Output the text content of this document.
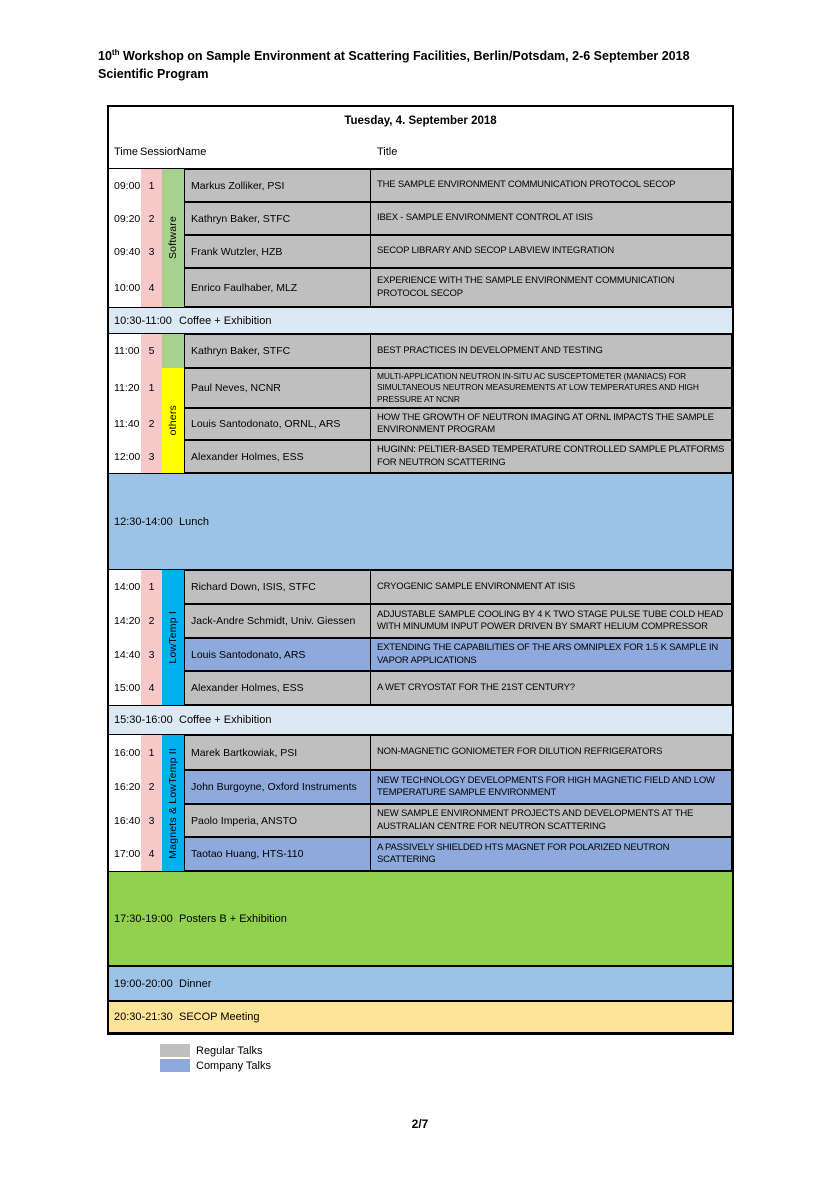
10th Workshop on Sample Environment at Scattering Facilities, Berlin/Potsdam, 2-6 September 2018
Scientific Program
Tuesday, 4. September 2018
Time Session
Name	Title
09:00 1	Markus Zolliker, PSI	THE SAMPLE ENVIRONMENT COMMUNICATION PROTOCOL SECOP
09:20 2	Kathryn Baker, STFC	IBEX - SAMPLE ENVIRONMENT CONTROL AT ISIS
09:40 3	Frank Wutzler, HZB	SECOP LIBRARY AND SECOP LABVIEW INTEGRATION
10:00 4	Enrico Faulhaber, MLZ
EXPERIENCE WITH THE SAMPLE ENVIRONMENT COMMUNICATION PROTOCOL SECOP
Software
10:30-11:00 Coffee + Exhibition
11:00 5	Kathryn Baker, STFC	BEST PRACTICES IN DEVELOPMENT AND TESTING
11:20 1	Paul Neves, NCNR
MULTI-APPLICATION NEUTRON IN-SITU AC SUSCEPTOMETER (MANIACS) FOR SIMULTANEOUS NEUTRON MEASUREMENTS AT LOW TEMPERATURES AND HIGH PRESSURE AT NCNR
11:40 2	Louis Santodonato, ORNL, ARS
HOW THE GROWTH OF NEUTRON IMAGING AT ORNL IMPACTS THE SAMPLE ENVIRONMENT PROGRAM
12:00 3	Alexander Holmes, ESS
HUGINN: PELTIER-BASED TEMPERATURE CONTROLLED SAMPLE PLATFORMS FOR NEUTRON SCATTERING
others
12:30-14:00 Lunch
14:00 1	Richard Down, ISIS, STFC	CRYOGENIC SAMPLE ENVIRONMENT AT ISIS
14:20 2	Jack-Andre Schmidt, Univ. Giessen
ADJUSTABLE SAMPLE COOLING BY 4 K TWO STAGE PULSE TUBE COLD HEAD WITH MINUMUM INPUT POWER DRIVEN BY SMART HELIUM COMPRESSOR
14:40 3	Louis Santodonato, ARS
EXTENDING THE CAPABILITIES OF THE ARS OMNIPLEX FOR 1.5 K SAMPLE IN VAPOR APPLICATIONS
15:00 4	Alexander Holmes, ESS	A WET CRYOSTAT FOR THE 21ST CENTURY?
LowTemp I
15:30-16:00 Coffee + Exhibition
16:00 1	Marek Bartkowiak, PSI	NON-MAGNETIC GONIOMETER FOR DILUTION REFRIGERATORS
16:20 2	John Burgoyne, Oxford Instruments
NEW TECHNOLOGY DEVELOPMENTS FOR HIGH MAGNETIC FIELD AND LOW TEMPERATURE SAMPLE ENVIRONMENT
16:40 3	Paolo Imperia, ANSTO
NEW SAMPLE ENVIRONMENT PROJECTS AND DEVELOPMENTS AT THE AUSTRALIAN CENTRE FOR NEUTRON SCATTERING
17:00 4	Taotao Huang, HTS-110
A PASSIVELY SHIELDED HTS MAGNET FOR POLARIZED NEUTRON SCATTERING
Magnets & LowTemp II
17:30-19:00 Posters B + Exhibition
19:00-20:00 Dinner
20:30-21:30 SECOP Meeting
Regular Talks
Company Talks
2/7
